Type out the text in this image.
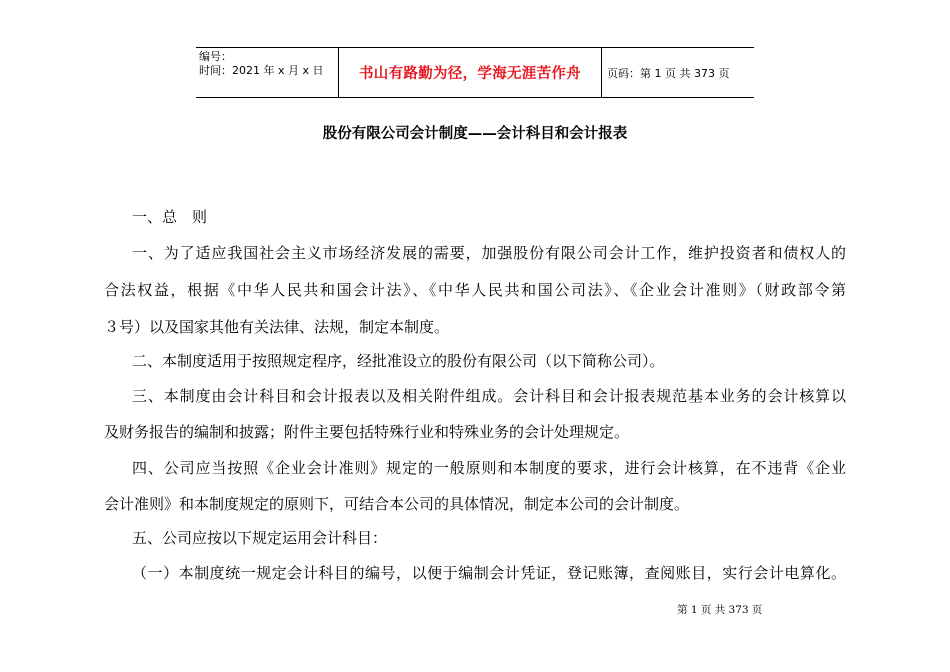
编号：
时间：2021 年 x 月 x 日	书山有路勤为径，学海无涯苦作舟	页码：第 1 页 共 373 页
股份有限公司会计制度——会计科目和会计报表
一、总　则
一、为了适应我国社会主义市场经济发展的需要，加强股份有限公司会计工作，维护投资者和债权人的
合法权益，根据《中华人民共和国会计法》、《中华人民共和国公司法》、《企业会计准则》（财政部令第
３号）以及国家其他有关法律、法规，制定本制度。
二、本制度适用于按照规定程序，经批准设立的股份有限公司（以下简称公司）。
三、本制度由会计科目和会计报表以及相关附件组成。会计科目和会计报表规范基本业务的会计核算以
及财务报告的编制和披露；附件主要包括特殊行业和特殊业务的会计处理规定。
四、公司应当按照《企业会计准则》规定的一般原则和本制度的要求，进行会计核算，在不违背《企业
会计准则》和本制度规定的原则下，可结合本公司的具体情况，制定本公司的会计制度。
五、公司应按以下规定运用会计科目：
（一）本制度统一规定会计科目的编号，以便于编制会计凭证，登记账簿，查阅账目，实行会计电算化。
第 1 页 共 373 页
